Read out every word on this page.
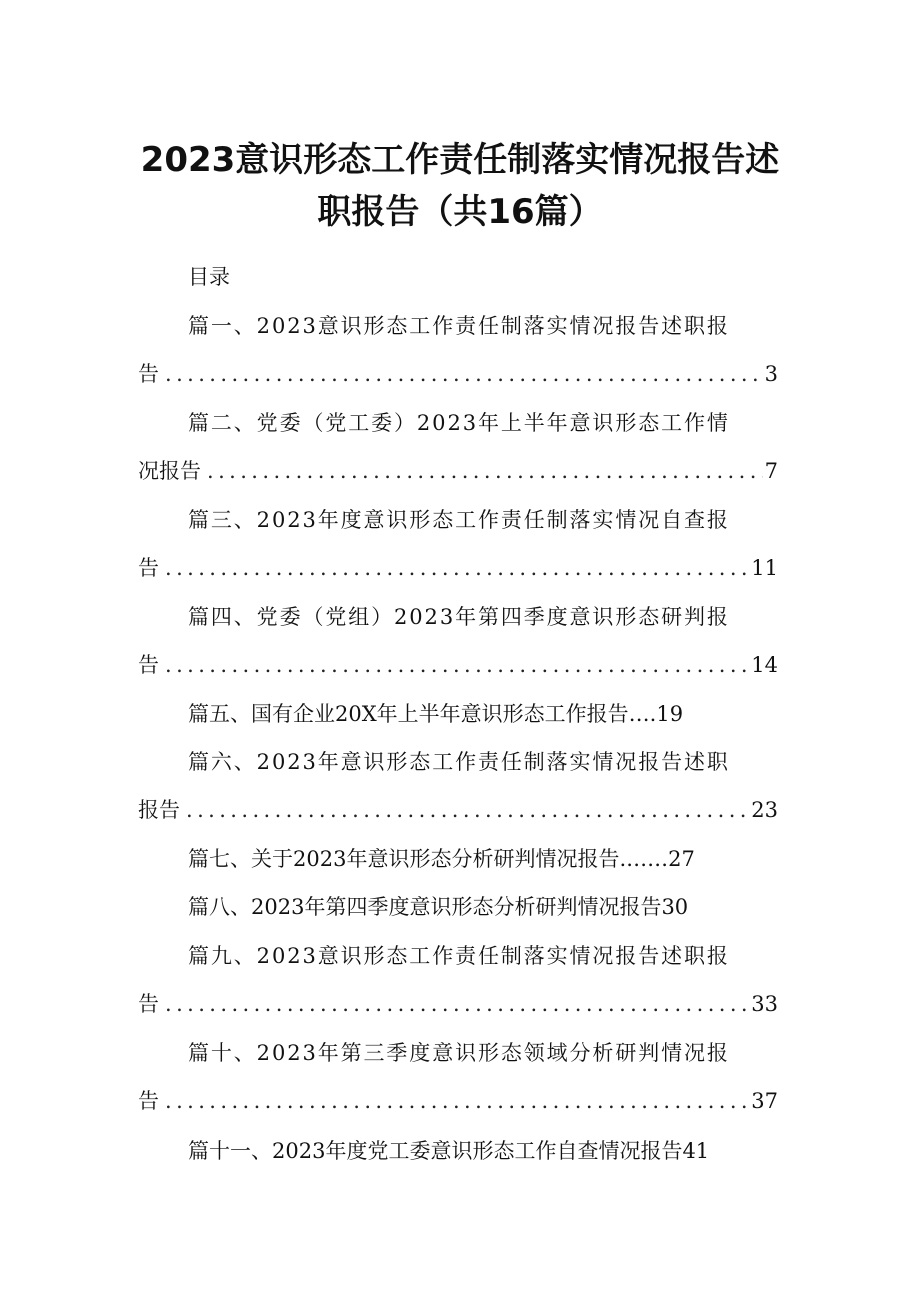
2023意识形态工作责任制落实情况报告述
职报告（共16篇）

目录

篇 一 、 2 0 2 3 意 识 形 态 工 作 责 任 制 落 实 情 况 报 告 述 职 报
告 .....	3
篇 二 、 党 委 （ 党 工 委 ） 2 0 2 3 年 上 半 年 意 识 形 态 工 作 情
况报告 .....	7
篇 三 、 2 0 2 3 年 度 意 识 形 态 工 作 责 任 制 落 实 情 况 自 查 报
告 .....	11
篇 四 、 党 委 （ 党 组 ） 2 0 2 3 年 第 四 季 度 意 识 形 态 研 判 报
告 .....	14
篇五、国有企业20X年上半年意识形态工作报告….19
篇 六 、 2 0 2 3 年 意 识 形 态 工 作 责 任 制 落 实 情 况 报 告 述 职
报告 .....	23
篇七、关于2023年意识形态分析研判情况报告.……27
篇八、2023年第四季度意识形态分析研判情况报告30
篇 九 、 2 0 2 3 意 识 形 态 工 作 责 任 制 落 实 情 况 报 告 述 职 报
告 .....	33
篇 十 、 2 0 2 3 年 第 三 季 度 意 识 形 态 领 域 分 析 研 判 情 况 报
告 .....	37
篇十一、2023年度党工委意识形态工作自查情况报告41
